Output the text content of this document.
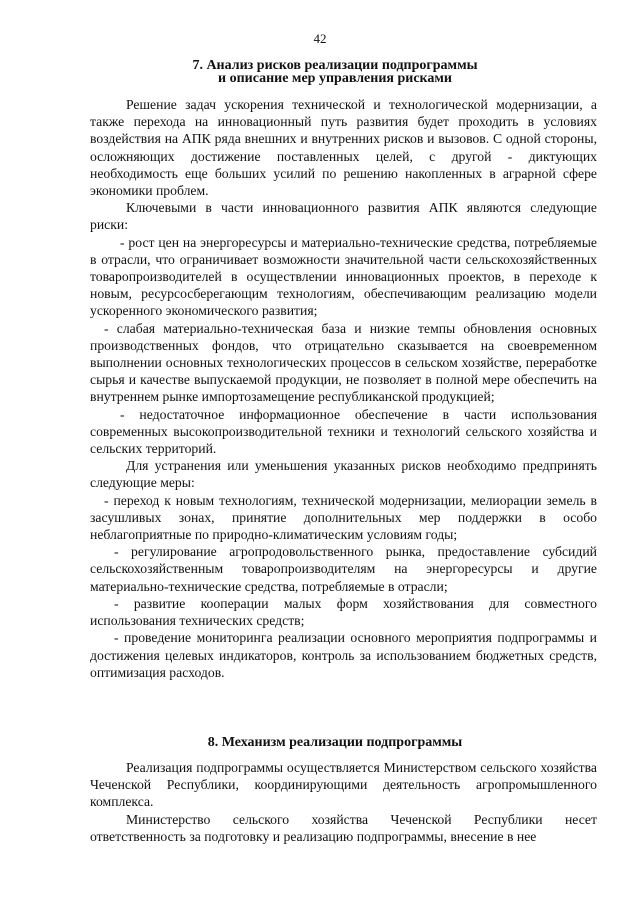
42
7. Анализ рисков реализации подпрограммы
и описание мер управления рисками

Решение задач ускорения технической и технологической модернизации, а также перехода на инновационный путь развития будет проходить в условиях воздействия на АПК ряда внешних и внутренних рисков и вызовов. С одной стороны, осложняющих достижение поставленных целей, с другой - диктующих необходимость еще больших усилий по решению накопленных в аграрной сфере экономики проблем.

Ключевыми в части инновационного развития АПК являются следующие риски:

- рост цен на энергоресурсы и материально-технические средства, потребляемые в отрасли, что ограничивает возможности значительной части сельскохозяйственных товаропроизводителей в осуществлении инновационных проектов, в переходе к новым, ресурсосберегающим технологиям, обеспечивающим реализацию модели ускоренного экономического развития;

- слабая материально-техническая база и низкие темпы обновления основных производственных фондов, что отрицательно сказывается на своевременном выполнении основных технологических процессов в сельском хозяйстве, переработке сырья и качестве выпускаемой продукции, не позволяет в полной мере обеспечить на внутреннем рынке импортозамещение республиканской продукцией;

- недостаточное информационное обеспечение в части использования современных высокопроизводительной техники и технологий сельского хозяйства и сельских территорий.

Для устранения или уменьшения указанных рисков необходимо предпринять следующие меры:

- переход к новым технологиям, технической модернизации, мелиорации земель в засушливых зонах, принятие дополнительных мер поддержки в особо неблагоприятные по природно-климатическим условиям годы;

- регулирование агропродовольственного рынка, предоставление субсидий сельскохозяйственным товаропроизводителям на энергоресурсы и другие материально-технические средства, потребляемые в отрасли;

- развитие кооперации малых форм хозяйствования для совместного использования технических средств;

- проведение мониторинга реализации основного мероприятия подпрограммы и достижения целевых индикаторов, контроль за использованием бюджетных средств, оптимизация расходов.

8. Механизм реализации подпрограммы

Реализация подпрограммы осуществляется Министерством сельского хозяйства Чеченской Республики, координирующими деятельность агропромышленного комплекса.

Министерство сельского хозяйства Чеченской Республики несет ответственность за подготовку и реализацию подпрограммы, внесение в нее
